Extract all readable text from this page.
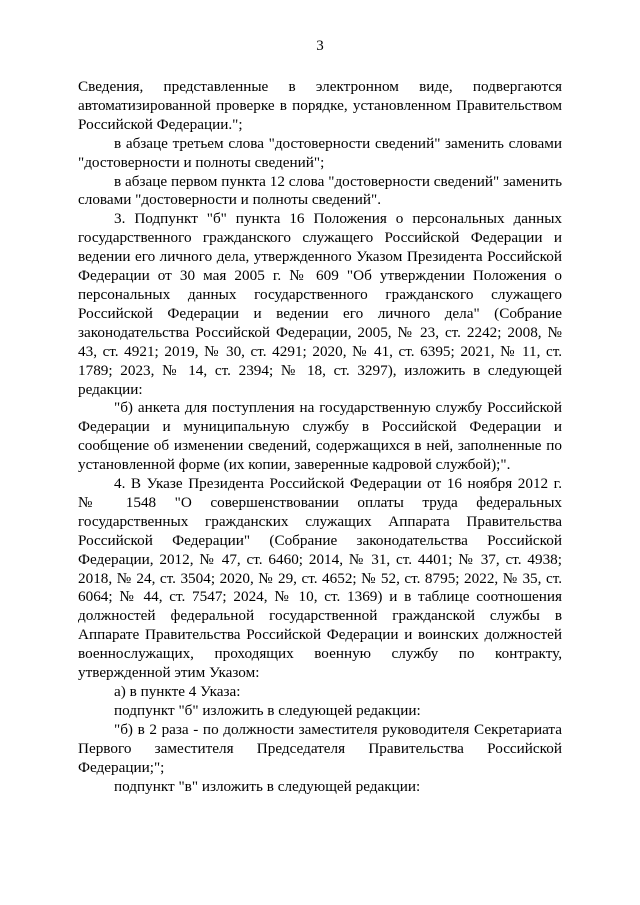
3

Сведения, представленные в электронном виде, подвергаются автоматизированной проверке в порядке, установленном Правительством Российской Федерации.";

в абзаце третьем слова "достоверности сведений" заменить словами "достоверности и полноты сведений";

в абзаце первом пункта 12 слова "достоверности сведений" заменить словами "достоверности и полноты сведений".

3. Подпункт "б" пункта 16 Положения о персональных данных государственного гражданского служащего Российской Федерации и ведении его личного дела, утвержденного Указом Президента Российской Федерации от 30 мая 2005 г. № 609 "Об утверждении Положения о персональных данных государственного гражданского служащего Российской Федерации и ведении его личного дела" (Собрание законодательства Российской Федерации, 2005, № 23, ст. 2242; 2008, № 43, ст. 4921; 2019, № 30, ст. 4291; 2020, № 41, ст. 6395; 2021, № 11, ст. 1789; 2023, № 14, ст. 2394; № 18, ст. 3297), изложить в следующей редакции:

"б) анкета для поступления на государственную службу Российской Федерации и муниципальную службу в Российской Федерации и сообщение об изменении сведений, содержащихся в ней, заполненные по установленной форме (их копии, заверенные кадровой службой);".

4. В Указе Президента Российской Федерации от 16 ноября 2012 г. № 1548 "О совершенствовании оплаты труда федеральных государственных гражданских служащих Аппарата Правительства Российской Федерации" (Собрание законодательства Российской Федерации, 2012, № 47, ст. 6460; 2014, № 31, ст. 4401; № 37, ст. 4938; 2018, № 24, ст. 3504; 2020, № 29, ст. 4652; № 52, ст. 8795; 2022, № 35, ст. 6064; № 44, ст. 7547; 2024, № 10, ст. 1369) и в таблице соотношения должностей федеральной государственной гражданской службы в Аппарате Правительства Российской Федерации и воинских должностей военнослужащих, проходящих военную службу по контракту, утвержденной этим Указом:

а) в пункте 4 Указа:

подпункт "б" изложить в следующей редакции:

"б) в 2 раза - по должности заместителя руководителя Секретариата Первого заместителя Председателя Правительства Российской Федерации;";

подпункт "в" изложить в следующей редакции:
